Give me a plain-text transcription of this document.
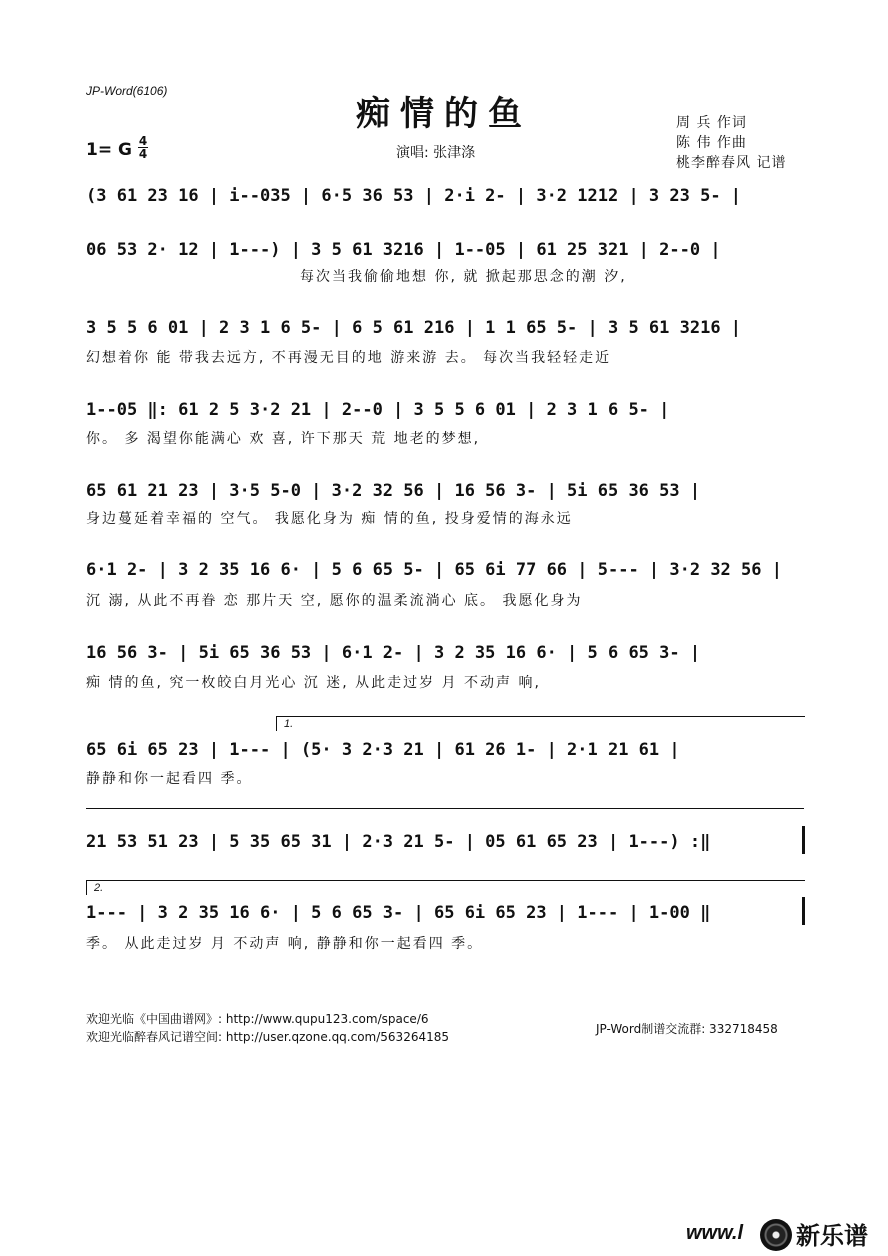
JP-Word(6106)
痴情的鱼	周 兵 作词
陈 伟 作曲
桃李醉春风 记谱
1= G 4
4	演唱: 张津涤
(3 61 23 16 | i--035 | 6·5 36 53 | 2·i 2- | 3·2 1212 | 3 23 5- |
06 53 2· 12 | 1---) | 3 5 61 3216 | 1--05 | 61 25 321 | 2--0 |
每次当我偷偷地想 你, 就 掀起那思念的潮 汐,
3 5 5 6 01 | 2 3 1 6 5- | 6 5 61 216 | 1 1 65 5- | 3 5 61 3216 |
幻想着你 能 带我去远方, 不再漫无目的地 游来游 去。 每次当我轻轻走近
1--05 ‖: 61 2 5 3·2 21 | 2--0 | 3 5 5 6 01 | 2 3 1 6 5- |
你。 多 渴望你能满心 欢 喜, 许下那天 荒 地老的梦想,
65 61 21 23 | 3·5 5-0 | 3·2 32 56 | 16 56 3- | 5i 65 36 53 |
身边蔓延着幸福的 空气。 我愿化身为 痴 情的鱼, 投身爱情的海永远
6·1 2- | 3 2 35 16 6· | 5 6 65 5- | 65 6i 77 66 | 5--- | 3·2 32 56 |
沉 溺, 从此不再眷 恋 那片天 空, 愿你的温柔流淌心 底。 我愿化身为
16 56 3- | 5i 65 36 53 | 6·1 2- | 3 2 35 16 6· | 5 6 65 3- |
痴 情的鱼, 究一枚皎白月光心 沉 迷, 从此走过岁 月 不动声 响,
1.
65 6i 65 23 | 1--- | (5· 3 2·3 21 | 61 26 1- | 2·1 21 61 |
静静和你一起看四 季。
21 53 51 23 | 5 35 65 31 | 2·3 21 5- | 05 61 65 23 | 1---) :‖
2.
1--- | 3 2 35 16 6· | 5 6 65 3- | 65 6i 65 23 | 1--- | 1-00 ‖
季。 从此走过岁 月 不动声 响, 静静和你一起看四 季。
欢迎光临《中国曲谱网》: http://www.qupu123.com/space/6
欢迎光临醉春风记谱空间: http://user.qzone.qq.com/563264185
JP-Word制谱交流群: 332718458
www.l 新乐谱
